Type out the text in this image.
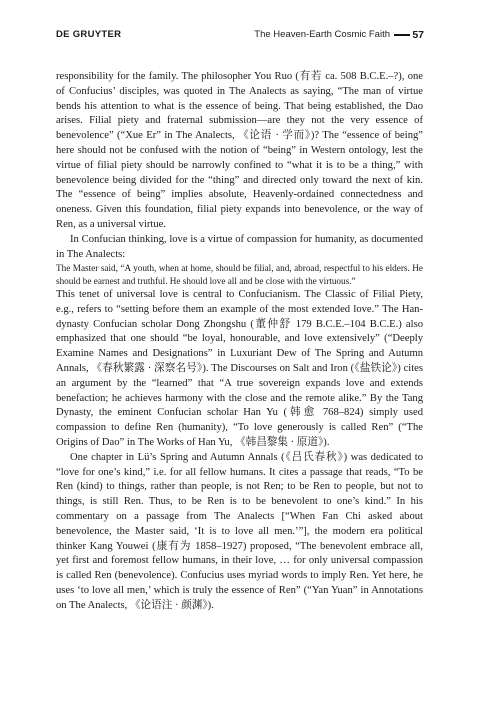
DE GRUYTER	The Heaven-Earth Cosmic Faith 57

responsibility for the family. The philosopher You Ruo (有若 ca. 508 B.C.E.–?), one of Confucius’ disciples, was quoted in The Analects as saying, “The man of virtue bends his attention to what is the essence of being. That being established, the Dao arises. Filial piety and fraternal submission—are they not the very essence of benevolence” (“Xue Er” in The Analects, 《论语 · 学而》)? The “essence of being” here should not be confused with the notion of “being” in Western ontology, lest the virtue of filial piety should be narrowly confined to “what it is to be a thing,” with benevolence being divided for the “thing” and directed only toward the next of kin. The “essence of being” implies absolute, Heavenly-ordained connectedness and oneness. Given this foundation, filial piety expands into benevolence, or the way of Ren, as a universal virtue.

In Confucian thinking, love is a virtue of compassion for humanity, as documented in The Analects:

The Master said, “A youth, when at home, should be filial, and, abroad, respectful to his elders. He should be earnest and truthful. He should love all and be close with the virtuous.”

This tenet of universal love is central to Confucianism. The Classic of Filial Piety, e.g., refers to “setting before them an example of the most extended love.” The Han-dynasty Confucian scholar Dong Zhongshu (董仲舒 179 B.C.E.–104 B.C.E.) also emphasized that one should “be loyal, honourable, and love extensively” (“Deeply Examine Names and Designations” in Luxuriant Dew of The Spring and Autumn Annals, 《春秋繁露 · 深察名号》). The Discourses on Salt and Iron (《盐铁论》) cites an argument by the “learned” that “A true sovereign expands love and extends benefaction; he achieves harmony with the close and the remote alike.” By the Tang Dynasty, the eminent Confucian scholar Han Yu (韩愈 768–824) simply used compassion to define Ren (humanity), “To love generously is called Ren” (“The Origins of Dao” in The Works of Han Yu, 《韩昌黎集 · 原道》).

One chapter in Lü’s Spring and Autumn Annals (《吕氏春秋》) was dedicated to “love for one’s kind,” i.e. for all fellow humans. It cites a passage that reads, “To be Ren (kind) to things, rather than people, is not Ren; to be Ren to people, but not to things, is still Ren. Thus, to be Ren is to be benevolent to one’s kind.” In his commentary on a passage from The Analects [“When Fan Chi asked about benevolence, the Master said, ‘It is to love all men.’”], the modern era political thinker Kang Youwei (康有为 1858–1927) proposed, “The benevolent embrace all, yet first and foremost fellow humans, in their love, … for only universal compassion is called Ren (benevolence). Confucius uses myriad words to imply Ren. Yet here, he uses ‘to love all men,’ which is truly the essence of Ren” (“Yan Yuan” in Annotations on The Analects, 《论语注 · 颜渊》).
